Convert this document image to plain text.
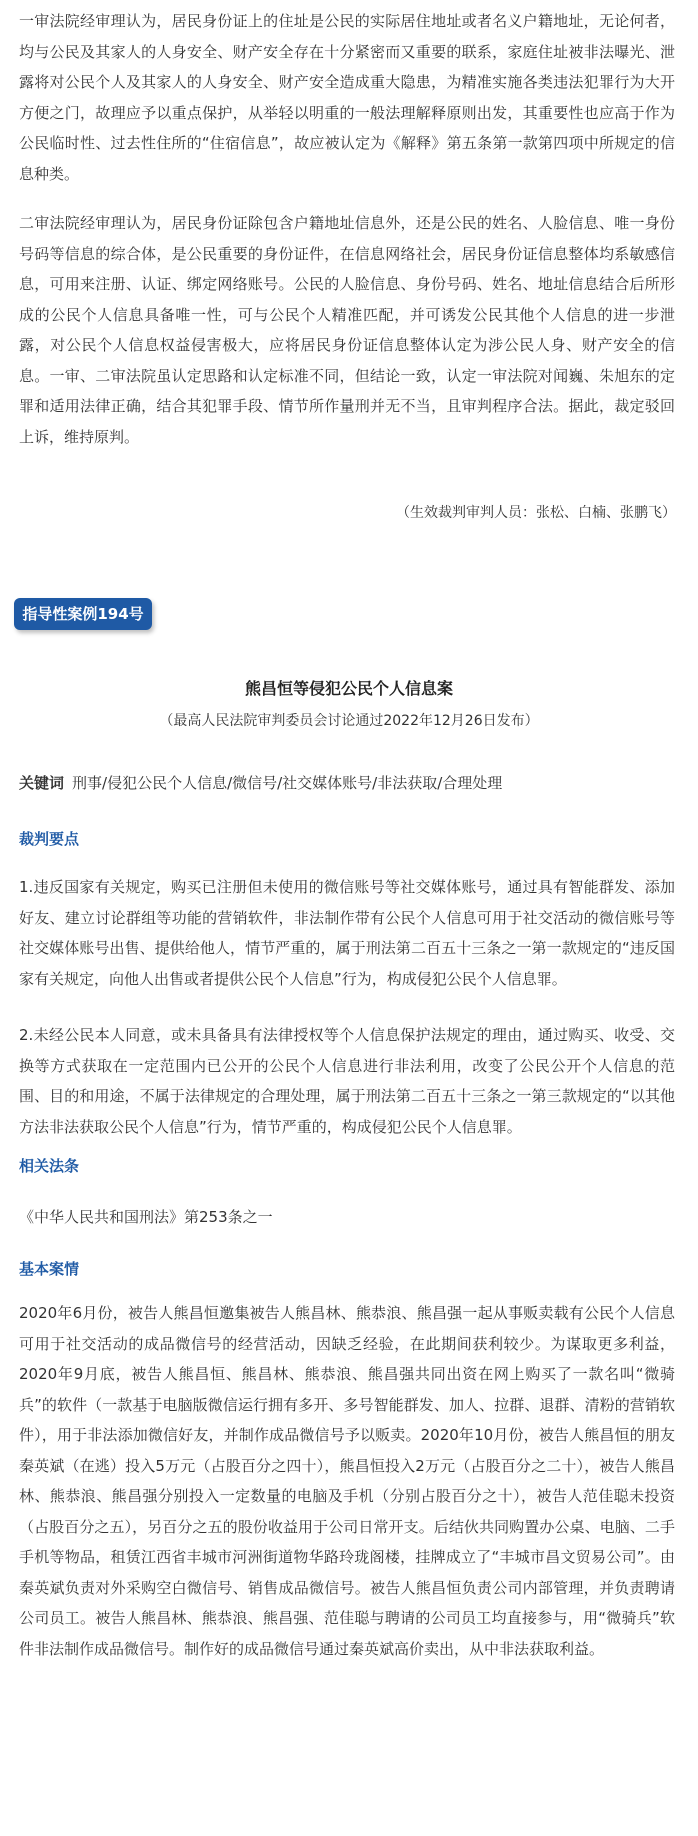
一审法院经审理认为，居民身份证上的住址是公民的实际居住地址或者名义户籍地址，无论何者，均与公民及其家人的人身安全、财产安全存在十分紧密而又重要的联系，家庭住址被非法曝光、泄露将对公民个人及其家人的人身安全、财产安全造成重大隐患，为精准实施各类违法犯罪行为大开方便之门，故理应予以重点保护，从举轻以明重的一般法理解释原则出发，其重要性也应高于作为公民临时性、过去性住所的“住宿信息”，故应被认定为《解释》第五条第一款第四项中所规定的信息种类。

二审法院经审理认为，居民身份证除包含户籍地址信息外，还是公民的姓名、人脸信息、唯一身份号码等信息的综合体，是公民重要的身份证件，在信息网络社会，居民身份证信息整体均系敏感信息，可用来注册、认证、绑定网络账号。公民的人脸信息、身份号码、姓名、地址信息结合后所形成的公民个人信息具备唯一性，可与公民个人精准匹配，并可诱发公民其他个人信息的进一步泄露，对公民个人信息权益侵害极大，应将居民身份证信息整体认定为涉公民人身、财产安全的信息。一审、二审法院虽认定思路和认定标准不同，但结论一致，认定一审法院对闻巍、朱旭东的定罪和适用法律正确，结合其犯罪手段、情节所作量刑并无不当，且审判程序合法。据此，裁定驳回上诉，维持原判。

（生效裁判审判人员：张松、白楠、张鹏飞）

指导性案例194号

熊昌恒等侵犯公民个人信息案

（最高人民法院审判委员会讨论通过2022年12月26日发布）

关键词 刑事/侵犯公民个人信息/微信号/社交媒体账号/非法获取/合理处理

裁判要点

1.违反国家有关规定，购买已注册但未使用的微信账号等社交媒体账号，通过具有智能群发、添加好友、建立讨论群组等功能的营销软件，非法制作带有公民个人信息可用于社交活动的微信账号等社交媒体账号出售、提供给他人，情节严重的，属于刑法第二百五十三条之一第一款规定的“违反国家有关规定，向他人出售或者提供公民个人信息”行为，构成侵犯公民个人信息罪。

2.未经公民本人同意，或未具备具有法律授权等个人信息保护法规定的理由，通过购买、收受、交换等方式获取在一定范围内已公开的公民个人信息进行非法利用，改变了公民公开个人信息的范围、目的和用途，不属于法律规定的合理处理，属于刑法第二百五十三条之一第三款规定的“以其他方法非法获取公民个人信息”行为，情节严重的，构成侵犯公民个人信息罪。

相关法条

《中华人民共和国刑法》第253条之一

基本案情

2020年6月份，被告人熊昌恒邀集被告人熊昌林、熊恭浪、熊昌强一起从事贩卖载有公民个人信息可用于社交活动的成品微信号的经营活动，因缺乏经验，在此期间获利较少。为谋取更多利益，2020年9月底，被告人熊昌恒、熊昌林、熊恭浪、熊昌强共同出资在网上购买了一款名叫“微骑兵”的软件（一款基于电脑版微信运行拥有多开、多号智能群发、加人、拉群、退群、清粉的营销软件），用于非法添加微信好友，并制作成品微信号予以贩卖。2020年10月份，被告人熊昌恒的朋友秦英斌（在逃）投入5万元（占股百分之四十），熊昌恒投入2万元（占股百分之二十），被告人熊昌林、熊恭浪、熊昌强分别投入一定数量的电脑及手机（分别占股百分之十），被告人范佳聪未投资（占股百分之五），另百分之五的股份收益用于公司日常开支。后结伙共同购置办公桌、电脑、二手手机等物品，租赁江西省丰城市河洲街道物华路玲珑阁楼，挂牌成立了“丰城市昌文贸易公司”。由秦英斌负责对外采购空白微信号、销售成品微信号。被告人熊昌恒负责公司内部管理，并负责聘请公司员工。被告人熊昌林、熊恭浪、熊昌强、范佳聪与聘请的公司员工均直接参与，用“微骑兵”软件非法制作成品微信号。制作好的成品微信号通过秦英斌高价卖出，从中非法获取利益。
